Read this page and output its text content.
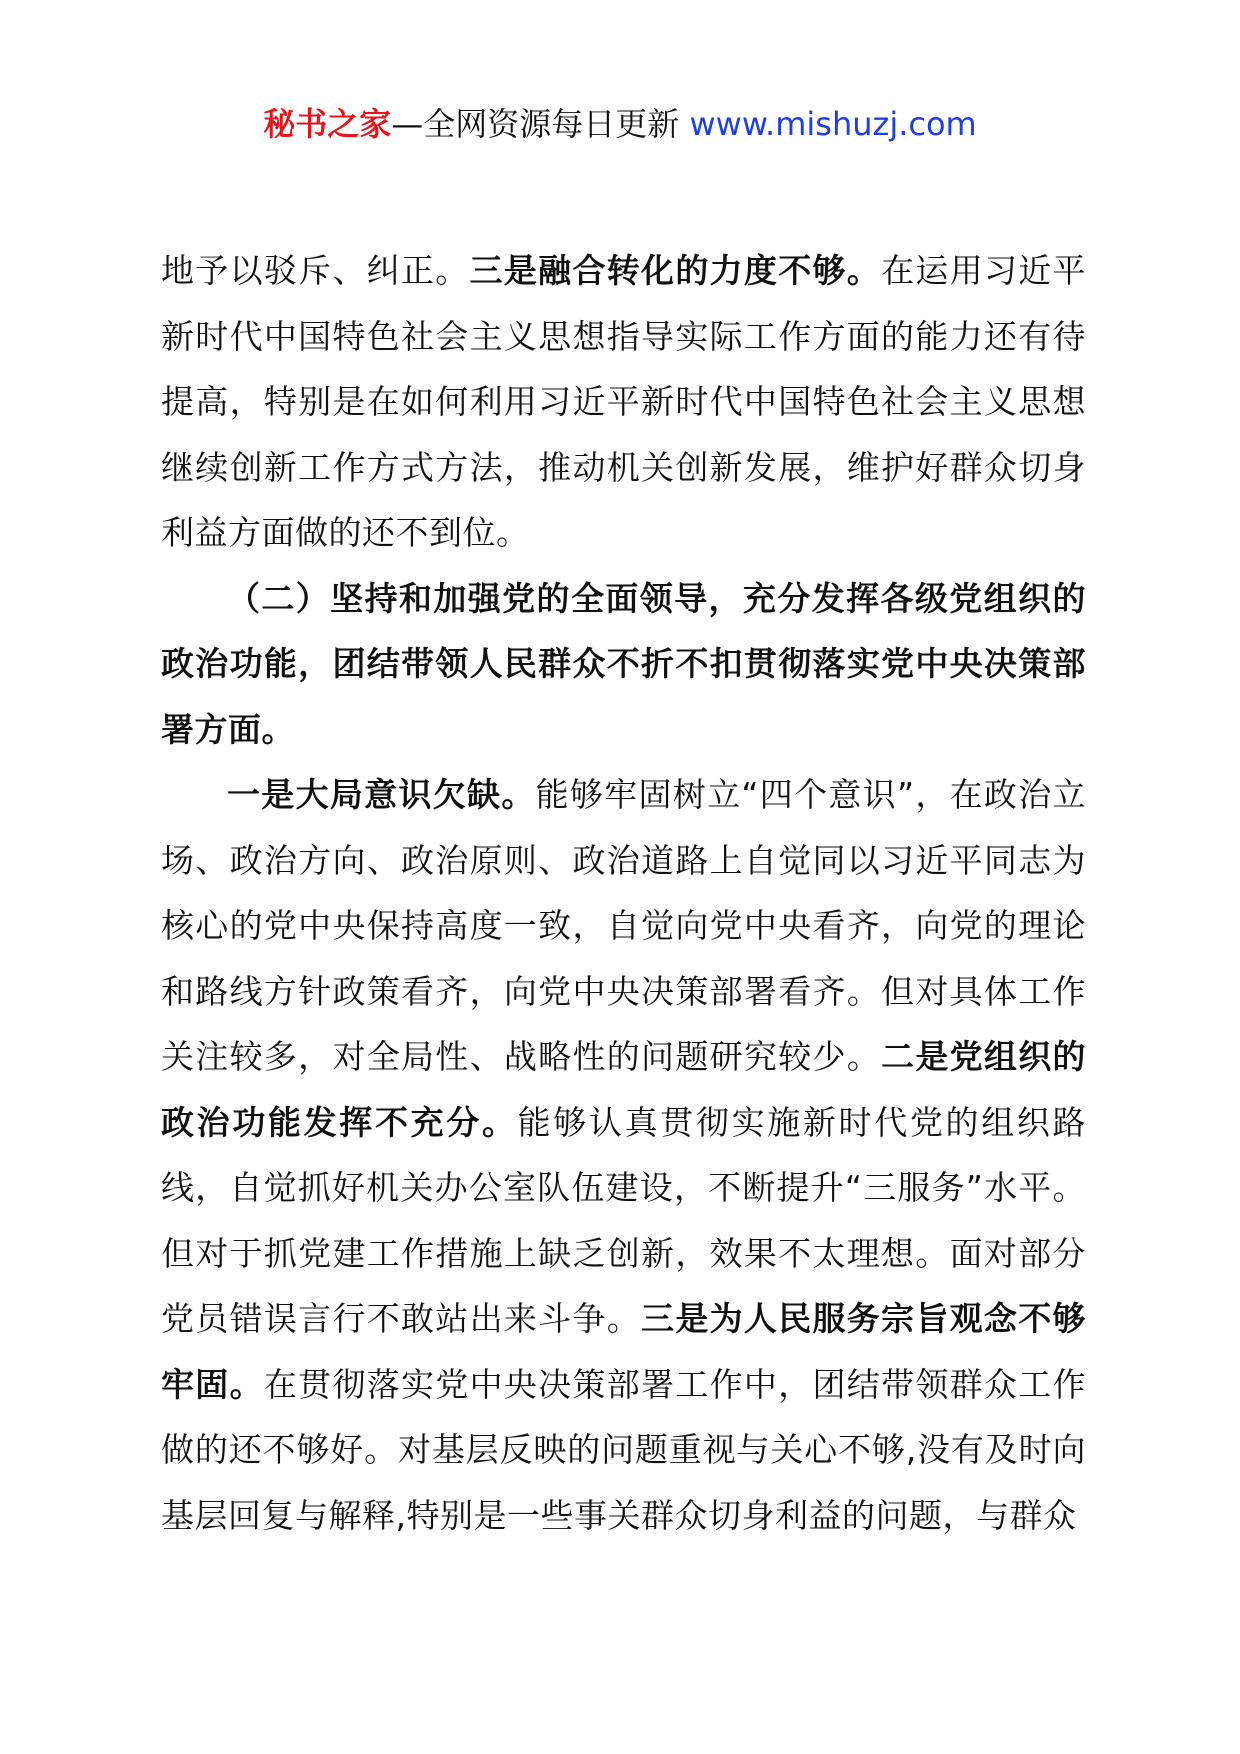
秘书之家—全网资源每日更新 www.mishuzj.com

地予以驳斥、纠正。三是融合转化的力度不够。在运用习近平新时代中国特色社会主义思想指导实际工作方面的能力还有待提高，特别是在如何利用习近平新时代中国特色社会主义思想继续创新工作方式方法，推动机关创新发展，维护好群众切身利益方面做的还不到位。

（二）坚持和加强党的全面领导，充分发挥各级党组织的政治功能，团结带领人民群众不折不扣贯彻落实党中央决策部署方面。

一是大局意识欠缺。能够牢固树立“四个意识”，在政治立场、政治方向、政治原则、政治道路上自觉同以习近平同志为核心的党中央保持高度一致，自觉向党中央看齐，向党的理论和路线方针政策看齐，向党中央决策部署看齐。但对具体工作关注较多，对全局性、战略性的问题研究较少。二是党组织的政治功能发挥不充分。能够认真贯彻实施新时代党的组织路线，自觉抓好机关办公室队伍建设，不断提升“三服务”水平。但对于抓党建工作措施上缺乏创新，效果不太理想。面对部分党员错误言行不敢站出来斗争。三是为人民服务宗旨观念不够牢固。在贯彻落实党中央决策部署工作中，团结带领群众工作做的还不够好。对基层反映的问题重视与关心不够,没有及时向基层回复与解释,特别是一些事关群众切身利益的问题，与群众
